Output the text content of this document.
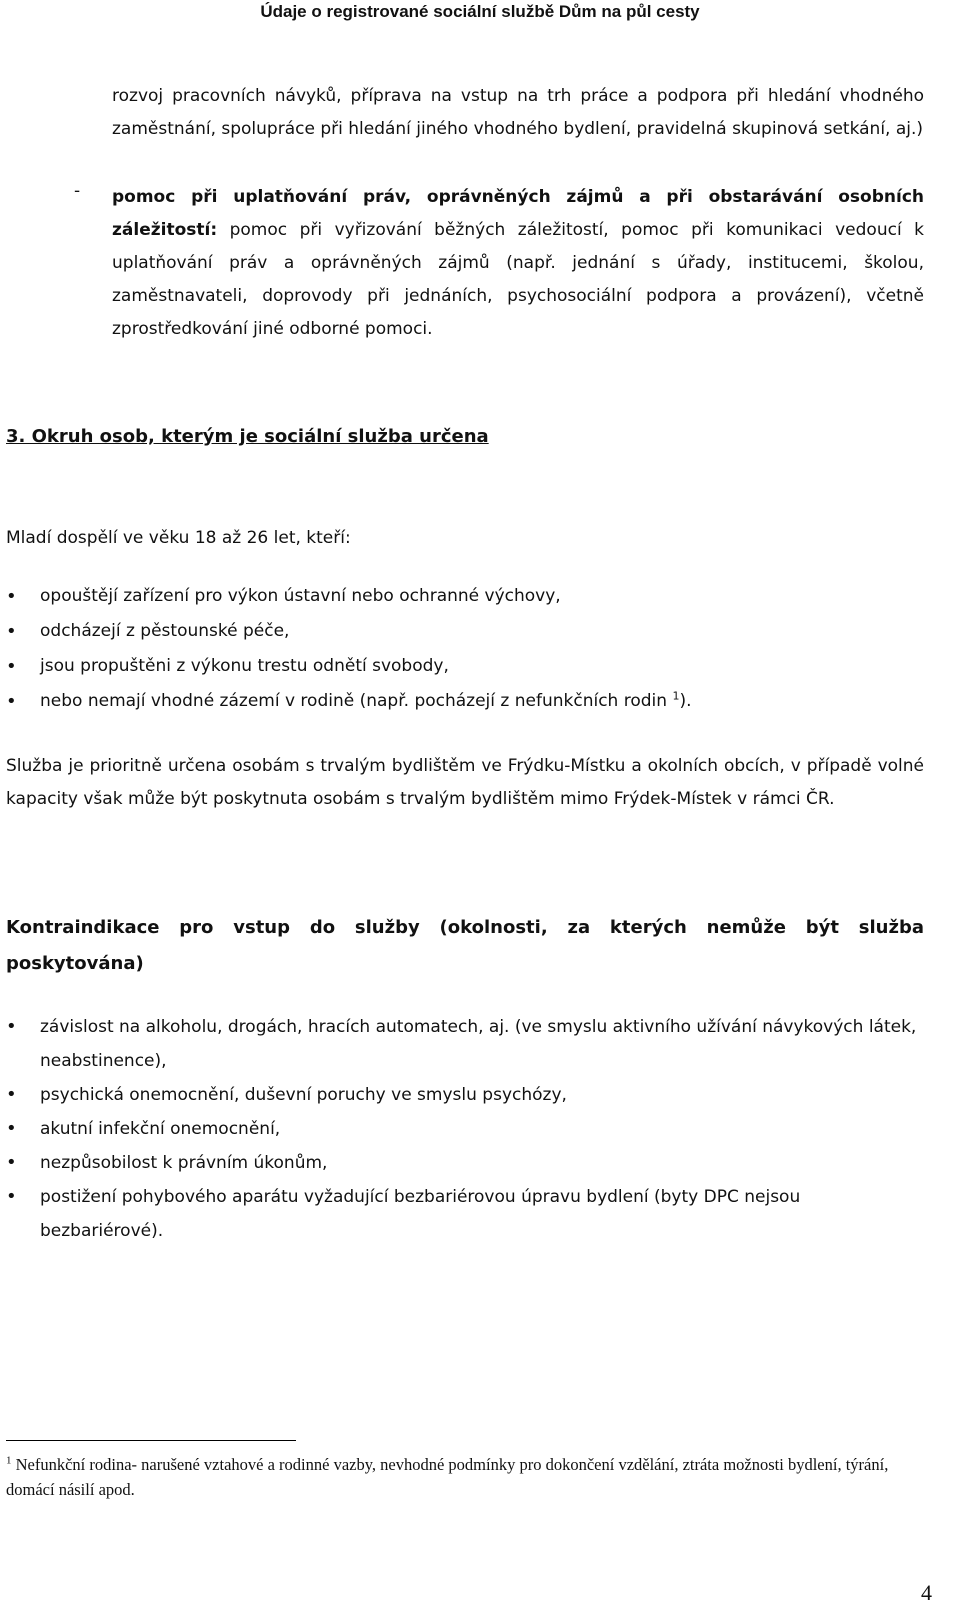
Údaje o registrované sociální službě Dům na půl cesty
rozvoj pracovních návyků, příprava na vstup na trh práce a podpora při hledání vhodného zaměstnání, spolupráce při hledání jiného vhodného bydlení, pravidelná skupinová setkání, aj.)
- pomoc při uplatňování práv, oprávněných zájmů a při obstarávání osobních záležitostí: pomoc při vyřizování běžných záležitostí, pomoc při komunikaci vedoucí k uplatňování práv a oprávněných zájmů (např. jednání s úřady, institucemi, školou, zaměstnavateli, doprovody při jednáních, psychosociální podpora a provázení), včetně zprostředkování jiné odborné pomoci.
3. Okruh osob, kterým je sociální služba určena
Mladí dospělí ve věku 18 až 26 let, kteří:
• opouštějí zařízení pro výkon ústavní nebo ochranné výchovy,
• odcházejí z pěstounské péče,
• jsou propuštěni z výkonu trestu odnětí svobody,
• nebo nemají vhodné zázemí v rodině (např. pocházejí z nefunkčních rodin $^1$).
Služba je prioritně určena osobám s trvalým bydlištěm ve Frýdku-Místku a okolních obcích, v případě volné kapacity však může být poskytnuta osobám s trvalým bydlištěm mimo Frýdek-Místek v rámci ČR.
Kontraindikace pro vstup do služby (okolnosti, za kterých nemůže být služba poskytována)
• závislost na alkoholu, drogách, hracích automatech, aj. (ve smyslu aktivního užívání návykových látek, neabstinence),
• psychická onemocnění, duševní poruchy ve smyslu psychózy,
• akutní infekční onemocnění,
• nezpůsobilost k právním úkonům,
• postižení pohybového aparátu vyžadující bezbariérovou úpravu bydlení (byty DPC nejsou bezbariérové).
$^1$ Nefunkční rodina- narušené vztahové a rodinné vazby, nevhodné podmínky pro dokončení vzdělání, ztráta možnosti bydlení, týrání, domácí násilí apod.
4
